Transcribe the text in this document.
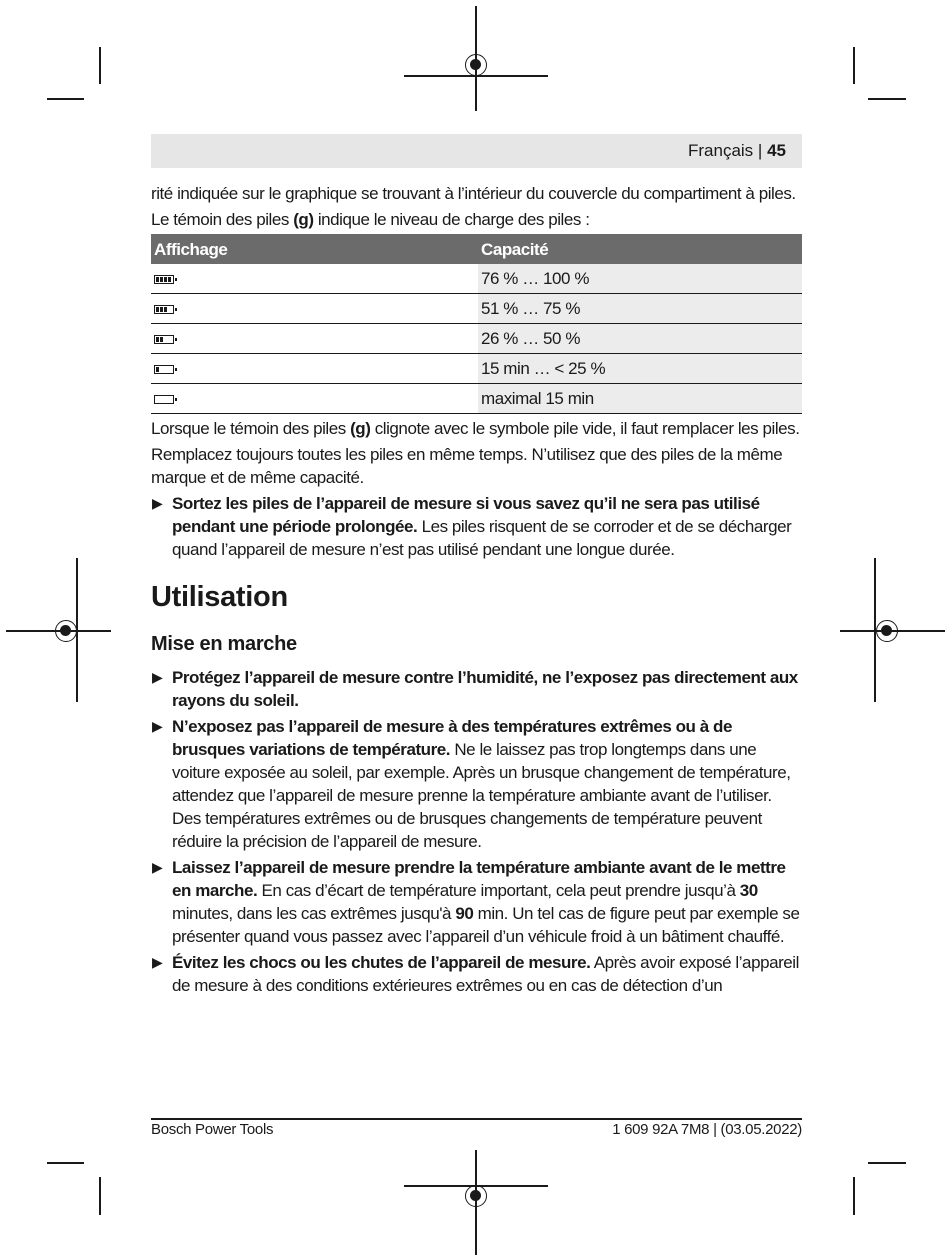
Français | 45

rité indiquée sur le graphique se trouvant à l’intérieur du couvercle du compartiment à piles.

Le témoin des piles (g) indique le niveau de charge des piles :

Affichage	Capacité

	76 % … 100 %

	51 % … 75 %

	26 % … 50 %

	15 min … < 25 %
	maximal 15 min

Lorsque le témoin des piles (g) clignote avec le symbole pile vide, il faut remplacer les piles.

Remplacez toujours toutes les piles en même temps. N’utilisez que des piles de la même marque et de même capacité.

▶ Sortez les piles de l’appareil de mesure si vous savez qu’il ne sera pas utilisé pendant une période prolongée. Les piles risquent de se corroder et de se décharger quand l’appareil de mesure n’est pas utilisé pendant une longue durée.
Utilisation
Mise en marche
▶ Protégez l’appareil de mesure contre l’humidité, ne l’exposez pas directement aux rayons du soleil.
▶ N’exposez pas l’appareil de mesure à des températures extrêmes ou à de brusques variations de température. Ne le laissez pas trop longtemps dans une voiture exposée au soleil, par exemple. Après un brusque changement de température, attendez que l’appareil de mesure prenne la température ambiante avant de l’utiliser. Des températures extrêmes ou de brusques changements de température peuvent réduire la précision de l’appareil de mesure.
▶ Laissez l’appareil de mesure prendre la température ambiante avant de le mettre en marche. En cas d’écart de température important, cela peut prendre jusqu’à 30 minutes, dans les cas extrêmes jusqu'à 90 min. Un tel cas de figure peut par exemple se présenter quand vous passez avec l’appareil d’un véhicule froid à un bâtiment chauffé.
▶ Évitez les chocs ou les chutes de l’appareil de mesure. Après avoir exposé l’appareil de mesure à des conditions extérieures extrêmes ou en cas de détection d’un
Bosch Power Tools	1 609 92A 7M8 | (03.05.2022)
